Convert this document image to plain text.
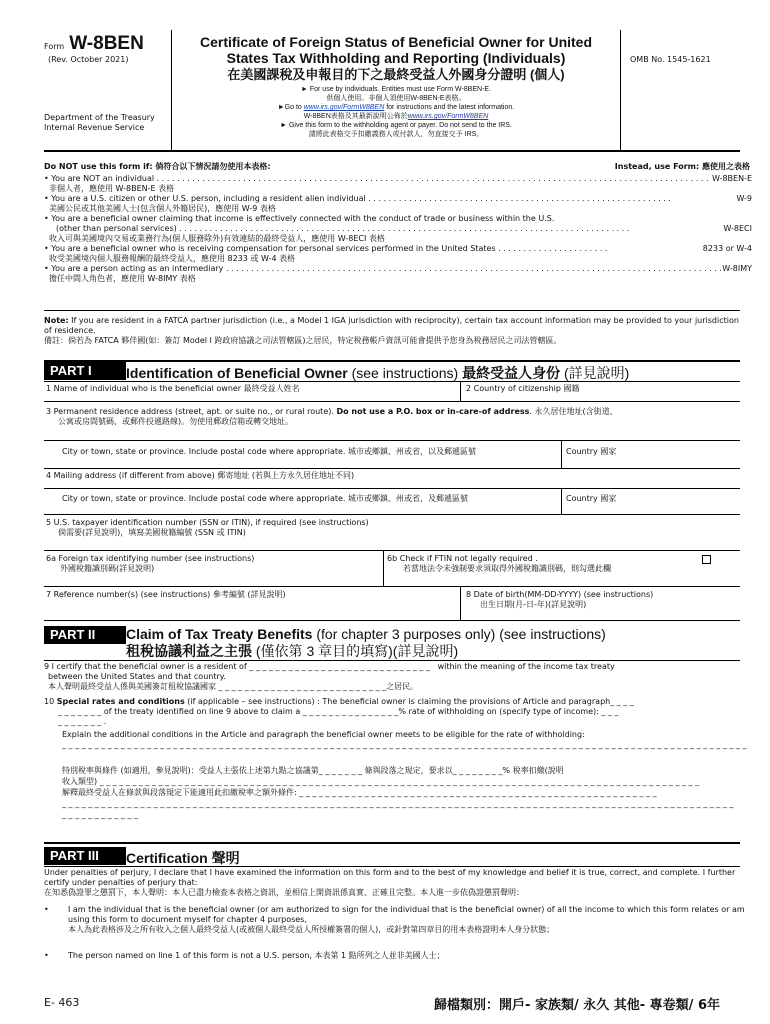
Form W-8BEN
(Rev. October 2021)
Department of the Treasury
Internal Revenue Service
Certificate of Foreign Status of Beneficial Owner for United
States Tax Withholding and Reporting (Individuals)
在美國課稅及申報目的下之最終受益人外國身分證明 (個人)
► For use by individuals. Entities must use Form W-8BEN-E.
供個人使用。非個人須使用W-8BEN-E表格。
►Go to www.irs.gov/FormW8BEN for instructions and the latest information.
W-8BEN表格及其最新說明公佈於www.irs.gov/FormW8BEN
► Give this form to the withholding agent or payer. Do not send to the IRS.
請將此表格交予扣繳義務人或付款人，勿直接交予 IRS。
OMB No. 1545-1621
Do NOT use this form if: 倘符合以下情況請勿使用本表格:	Instead, use Form: 應使用之表格
• You are NOT an individual . . . . . . . . . . . . . . . . . . . . . . . . . . . . . . . . . . . . . . . . . . . . . . . . . . . . . . . . . . . . . . . . . . . . . . . . . . . . . . . . . . . . . . . . . . . . . . . . . . . . . . . . . . . . . W-8BEN-E
非個人者，應使用 W-8BEN-E 表格
• You are a U.S. citizen or other U.S. person, including a resident alien individual . . . . . . . . . . . . . . . . . . . . . . . . . . . . . . . . . . . . . . . . . . . . . . . . . . . . . . . . . . . .	W-9
美國公民或其他美國人士(包含個人外籍居民)，應使用 W-9 表格
• You are a beneficial owner claiming that income is effectively connected with the conduct of trade or business within the U.S.
(other than personal services) . . . . . . . . . . . . . . . . . . . . . . . . . . . . . . . . . . . . . . . . . . . . . . . . . . . . . . . . . . . . . . . . . . . . . . . . . . . . . . . . . . . . . . . . .	W-8ECI
收入可與美國境內交易或業務行為(個人服務除外)有效連結的最終受益人，應使用 W-8ECI 表格
• You are a beneficial owner who is receiving compensation for personal services performed in the United States . . . . . . . . . . . . . . . . . . . . . .	8233 or W-4
收受美國境內個人服務報酬的最終受益人，應使用 8233 或 W-4 表格
• You are a person acting as an intermediary . . . . . . . . . . . . . . . . . . . . . . . . . . . . . . . . . . . . . . . . . . . . . . . . . . . . . . . . . . . . . . . . . . . . . . . . . . . . . . . . . . . . . . . . . . . . . . . . . . W-8IMY
擔任中間人角色者，應使用 W-8IMY 表格
Note: If you are resident in a FATCA partner jurisdiction (i.e., a Model 1 IGA jurisdiction with reciprocity), certain tax account information may be provided to your jurisdiction of residence.
備註：倘若為 FATCA 夥伴國(如：簽訂 Model I 跨政府協議之司法管轄區)之居民，特定稅務帳戶資訊可能會提供予您身為稅務居民之司法管轄區。
PART I	Identification of Beneficial Owner (see instructions) 最終受益人身份 (詳見說明)
1 Name of individual who is the beneficial owner 最終受益人姓名	2 Country of citizenship 國籍
3 Permanent residence address (street, apt. or suite no., or rural route). Do not use a P.O. box or in-care-of address. 永久居住地址(含街道、
公寓或房間號碼，或郵件投遞路線)。勿使用郵政信箱或轉交地址。
City or town, state or province. Include postal code where appropriate. 城市或鄉鎮、州或省，以及郵遞區號	Country 國家
4 Mailing address (if different from above) 郵寄地址 (若與上方永久居住地址不同)
City or town, state or province. Include postal code where appropriate. 城市或鄉鎮、州或省，及郵遞區號	Country 國家
5 U.S. taxpayer identification number (SSN or ITIN), if required (see instructions)
倘需要(詳見說明)，填寫美國稅籍編號 (SSN 或 ITIN)
6a Foreign tax identifying number (see instructions)
外國稅籍識別碼(詳見說明)
6b Check if FTIN not legally required .
若當地法令未強制要求須取得外國稅籍識別碼，則勾選此欄
7 Reference number(s) (see instructions) 參考編號 (詳見說明)	8 Date of birth(MM-DD-YYYY) (see instructions)
出生日期(月-日-年)(詳見說明)
PART II	Claim of Tax Treaty Benefits (for chapter 3 purposes only) (see instructions)
租稅協議利益之主張 (僅依第 3 章目的填寫)(詳見說明)
9 I certify that the beneficial owner is a resident of _ _ _ _ _ _ _ _ _ _ _ _ _ _ _ _ _ _ _ _ _ _ _ _ _ _ _ _   within the meaning of the income tax treaty
between the United States and that country.
本人聲明最終受益人係與美國簽訂租稅協議國家 _ _ _ _ _ _ _ _ _ _ _ _ _ _ _ _ _ _ _ _ _ _ _ _ _ _之居民。
10 Special rates and conditions (if applicable – see instructions) : The beneficial owner is claiming the provisions of Article and paragraph_ _ _ _
_ _ _ _ _ _ _ of the treaty identified on line 9 above to claim a _ _ _ _ _ _ _ _ _ _ _ _ _ _ _% rate of withholding on (specify type of income): _ _ _
_ _ _ _ _ _ _ .
Explain the additional conditions in the Article and paragraph the beneficial owner meets to be eligible for the rate of withholding:
_ _ _ _ _ _ _ _ _ _ _ _ _ _ _ _ _ _ _ _ _ _ _ _ _ _ _ _ _ _ _ _ _ _ _ _ _ _ _ _ _ _ _ _ _ _ _ _ _ _ _ _ _ _ _ _ _ _ _ _ _ _ _ _ _ _ _ _ _ _ _ _ _ _ _ _ _ _ _ _ _ _ _ _ _ _ _ _ _ _ _ _ _ _ _ _ _ _ _ _ _ _ _ _ _
特別稅率與條件 (如適用，參見說明)：受益人主張依上述第九點之協議第_ _ _ _ _ _ _ 條與段落之規定，要求以_ _ _ _ _ _ _ _% 稅率扣繳(說明
收入類型) _ _ _ _ _ _ _ _ _ _ _ _ _ _ _ _ _ _ _ _ _ _ _ _ _ _ _ _ _ _ _ _ _ _ _ _ _ _ _ _ _ _ _ _ _ _ _ _ _ _ _ _ _ _ _ _ _ _ _ _ _ _ _ _ _ _ _ _ _ _ _ _ _ _ _ _ _ _ _ _ _ _ _ _ _ _ _ _ _ _ _ _
解釋最終受益人在條款與段落規定下能適用此扣繳稅率之額外條件: _ _ _ _ _ _ _ _ _ _ _ _ _ _ _ _ _ _ _ _ _ _ _ _ _ _ _ _ _ _ _ _ _ _ _ _ _ _ _ _ _ _ _ _ _ _ _ _ _ _ _ _ _ _ _
_ _ _ _ _ _ _ _ _ _ _ _ _ _ _ _ _ _ _ _ _ _ _ _ _ _ _ _ _ _ _ _ _ _ _ _ _ _ _ _ _ _ _ _ _ _ _ _ _ _ _ _ _ _ _ _ _ _ _ _ _ _ _ _ _ _ _ _ _ _ _ _ _ _ _ _ _ _ _ _ _ _ _ _ _ _ _ _ _ _ _ _ _ _ _ _ _ _ _ _ _ _ _
_ _ _ _ _ _ _ _ _ _ _ _
PART III	Certification 聲明
Under penalties of perjury, I declare that I have examined the information on this form and to the best of my knowledge and belief it is true, correct, and complete. I further certify under penalties of perjury that:
在知悉偽證罪之懲罰下，本人聲明：本人已盡力檢查本表格之資訊，並相信上開資訊係真實、正確且完整。本人進一步依偽證懲罰聲明：
•	I am the individual that is the beneficial owner (or am authorized to sign for the individual that is the beneficial owner) of all the income to which this form relates or am using this form to document myself for chapter 4 purposes,
本人為此表格涉及之所有收入之個人最終受益人(或被個人最終受益人所授權簽署的個人)，或針對第四章目的用本表格證明本人身分狀態；
•	The person named on line 1 of this form is not a U.S. person, 本表第 1 點所列之人並非美國人士；
E- 463	歸檔類別：開戶- 家族類/ 永久 其他- 專卷類/ 6年
